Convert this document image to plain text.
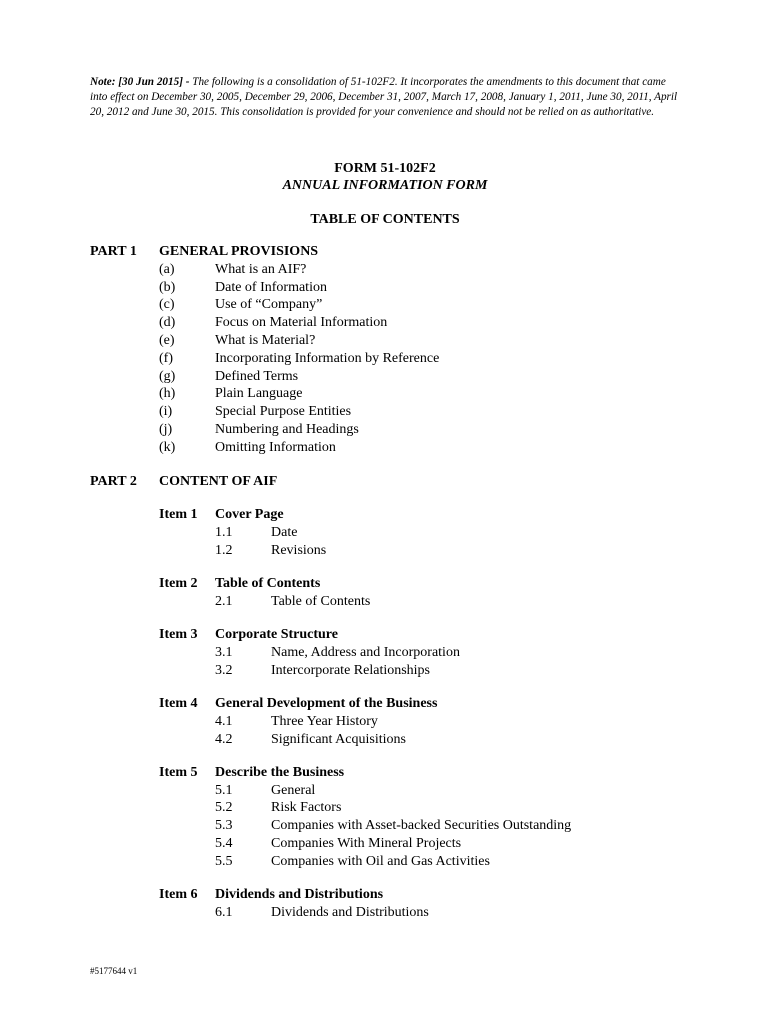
Note: [30 Jun 2015] - The following is a consolidation of 51-102F2. It incorporates the amendments to this document that came into effect on December 30, 2005, December 29, 2006, December 31, 2007, March 17, 2008, January 1, 2011, June 30, 2011, April 20, 2012 and June 30, 2015. This consolidation is provided for your convenience and should not be relied on as authoritative.
FORM 51-102F2
ANNUAL INFORMATION FORM
TABLE OF CONTENTS
PART 1 GENERAL PROVISIONS
(a)	What is an AIF?
(b)	Date of Information
(c)	Use of “Company”
(d)	Focus on Material Information
(e)	What is Material?
(f)	Incorporating Information by Reference
(g)	Defined Terms
(h)	Plain Language
(i)	Special Purpose Entities
(j)	Numbering and Headings
(k)	Omitting Information
PART 2 CONTENT OF AIF
Item 1 Cover Page
1.1	Date
1.2	Revisions
Item 2 Table of Contents
2.1	Table of Contents
Item 3 Corporate Structure
3.1	Name, Address and Incorporation
3.2	Intercorporate Relationships
Item 4 General Development of the Business
4.1	Three Year History
4.2	Significant Acquisitions
Item 5 Describe the Business
5.1	General
5.2	Risk Factors
5.3	Companies with Asset-backed Securities Outstanding
5.4	Companies With Mineral Projects
5.5	Companies with Oil and Gas Activities
Item 6 Dividends and Distributions
6.1	Dividends and Distributions
#5177644 v1
